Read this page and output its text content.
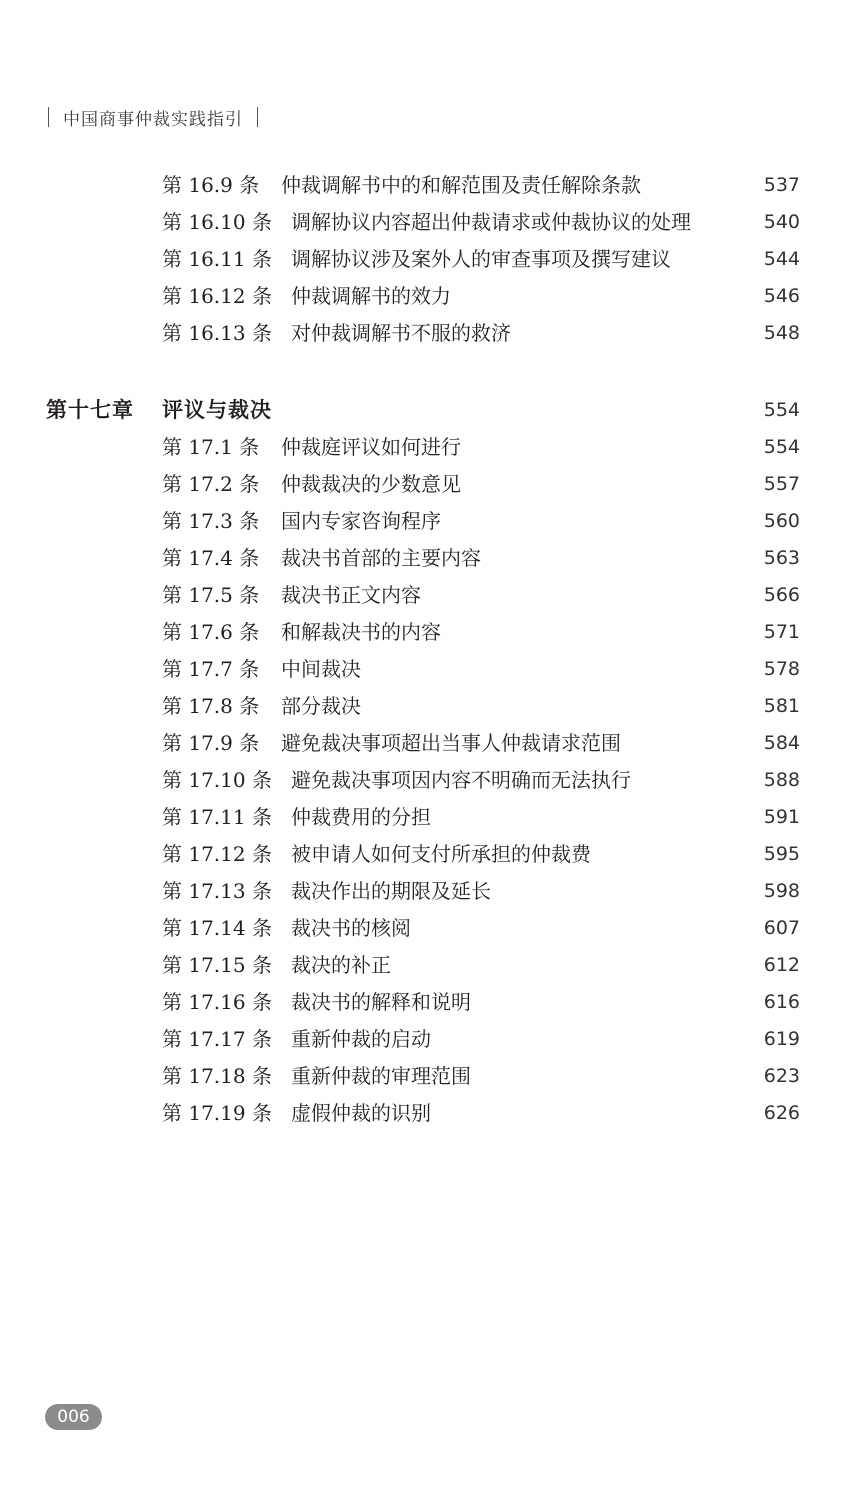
中国商事仲裁实践指引
第 16.9 条 仲裁调解书中的和解范围及责任解除条款	537
第 16.10 条 调解协议内容超出仲裁请求或仲裁协议的处理	540
第 16.11 条 调解协议涉及案外人的审查事项及撰写建议	544
第 16.12 条 仲裁调解书的效力	546
第 16.13 条 对仲裁调解书不服的救济	548
第十七章 评议与裁决	554
第 17.1 条 仲裁庭评议如何进行	554
第 17.2 条 仲裁裁决的少数意见	557
第 17.3 条 国内专家咨询程序	560
第 17.4 条 裁决书首部的主要内容	563
第 17.5 条 裁决书正文内容	566
第 17.6 条 和解裁决书的内容	571
第 17.7 条 中间裁决	578
第 17.8 条 部分裁决	581
第 17.9 条 避免裁决事项超出当事人仲裁请求范围	584
第 17.10 条 避免裁决事项因内容不明确而无法执行	588
第 17.11 条 仲裁费用的分担	591
第 17.12 条 被申请人如何支付所承担的仲裁费	595
第 17.13 条 裁决作出的期限及延长	598
第 17.14 条 裁决书的核阅	607
第 17.15 条 裁决的补正	612
第 17.16 条 裁决书的解释和说明	616
第 17.17 条 重新仲裁的启动	619
第 17.18 条 重新仲裁的审理范围	623
第 17.19 条 虚假仲裁的识别	626
006
